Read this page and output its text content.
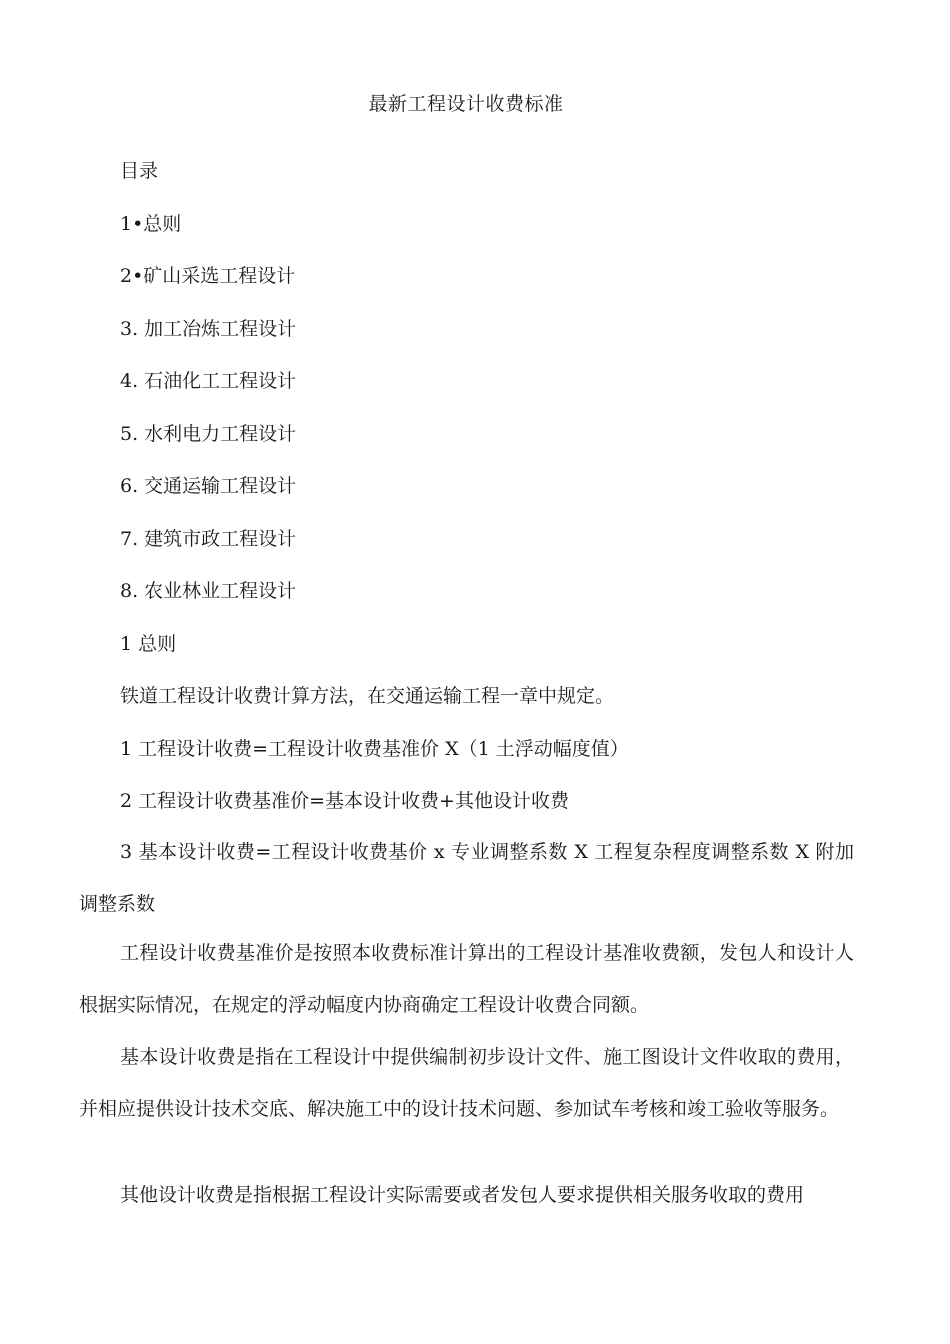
最新工程设计收费标准
目录
1•总则
2•矿山采选工程设计
3. 加工冶炼工程设计
4. 石油化工工程设计
5. 水利电力工程设计
6. 交通运输工程设计
7. 建筑市政工程设计
8. 农业林业工程设计
1 总则
铁道工程设计收费计算方法，在交通运输工程一章中规定。
1 工程设计收费=工程设计收费基准价 X（1 土浮动幅度值）
2 工程设计收费基准价=基本设计收费+其他设计收费

3 基本设计收费=工程设计收费基价 x 专业调整系数 X 工程复杂程度调整系数 X 附加调整系数

工程设计收费基准价是按照本收费标准计算出的工程设计基准收费额，发包人和设计人根据实际情况，在规定的浮动幅度内协商确定工程设计收费合同额。

基本设计收费是指在工程设计中提供编制初步设计文件、施工图设计文件收取的费用，并相应提供设计技术交底、解决施工中的设计技术问题、参加试车考核和竣工验收等服务。

其他设计收费是指根据工程设计实际需要或者发包人要求提供相关服务收取的费用
